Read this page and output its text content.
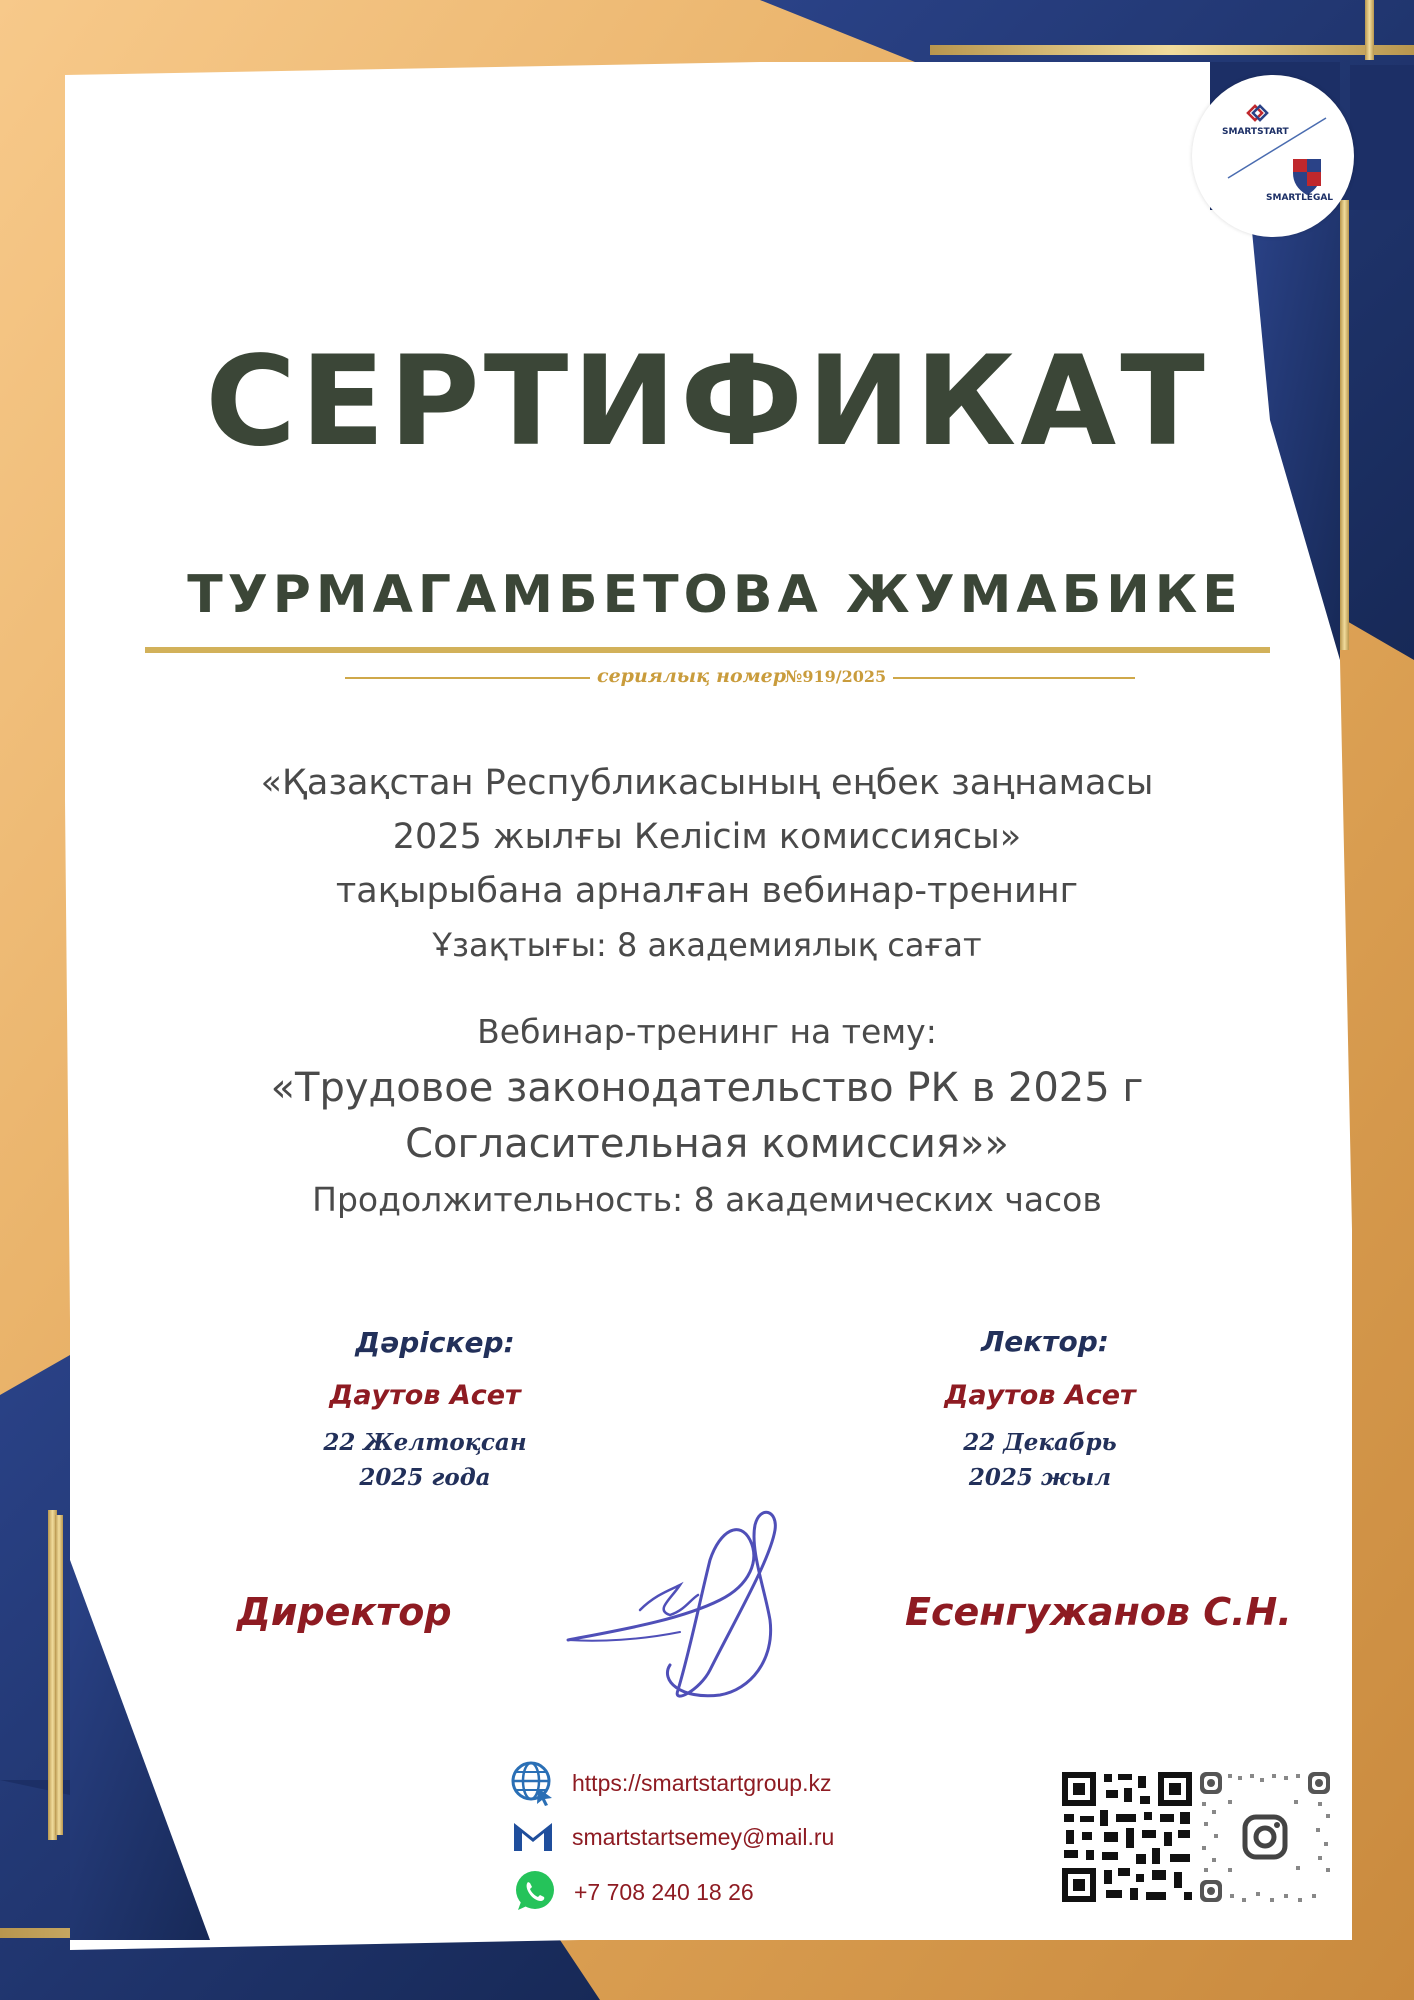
SMARTSTART
SMARTLEGAL
СЕРТИФИКАТ
ТУРМАГАМБЕТОВА ЖУМАБИКЕ
сериялық номер
№919/2025
«Қазақстан Республикасының еңбек заңнамасы
2025 жылғы Келісім комиссиясы»
тақырыбана арналған вебинар-тренинг
Ұзақтығы: 8 академиялық сағат
Вебинар-тренинг на тему:
«Трудовое законодательство РК в 2025 г
Согласительная комиссия»»
Продолжительность: 8 академических часов
Дәріскер:
Даутов Асет
22 Желтоқсан
2025 года
Лектор:
Даутов Асет
22 Декабрь
2025 жыл
Директор	Есенгужанов С.Н.
https://smartstartgroup.kz
smartstartsemey@mail.ru
+7 708 240 18 26
